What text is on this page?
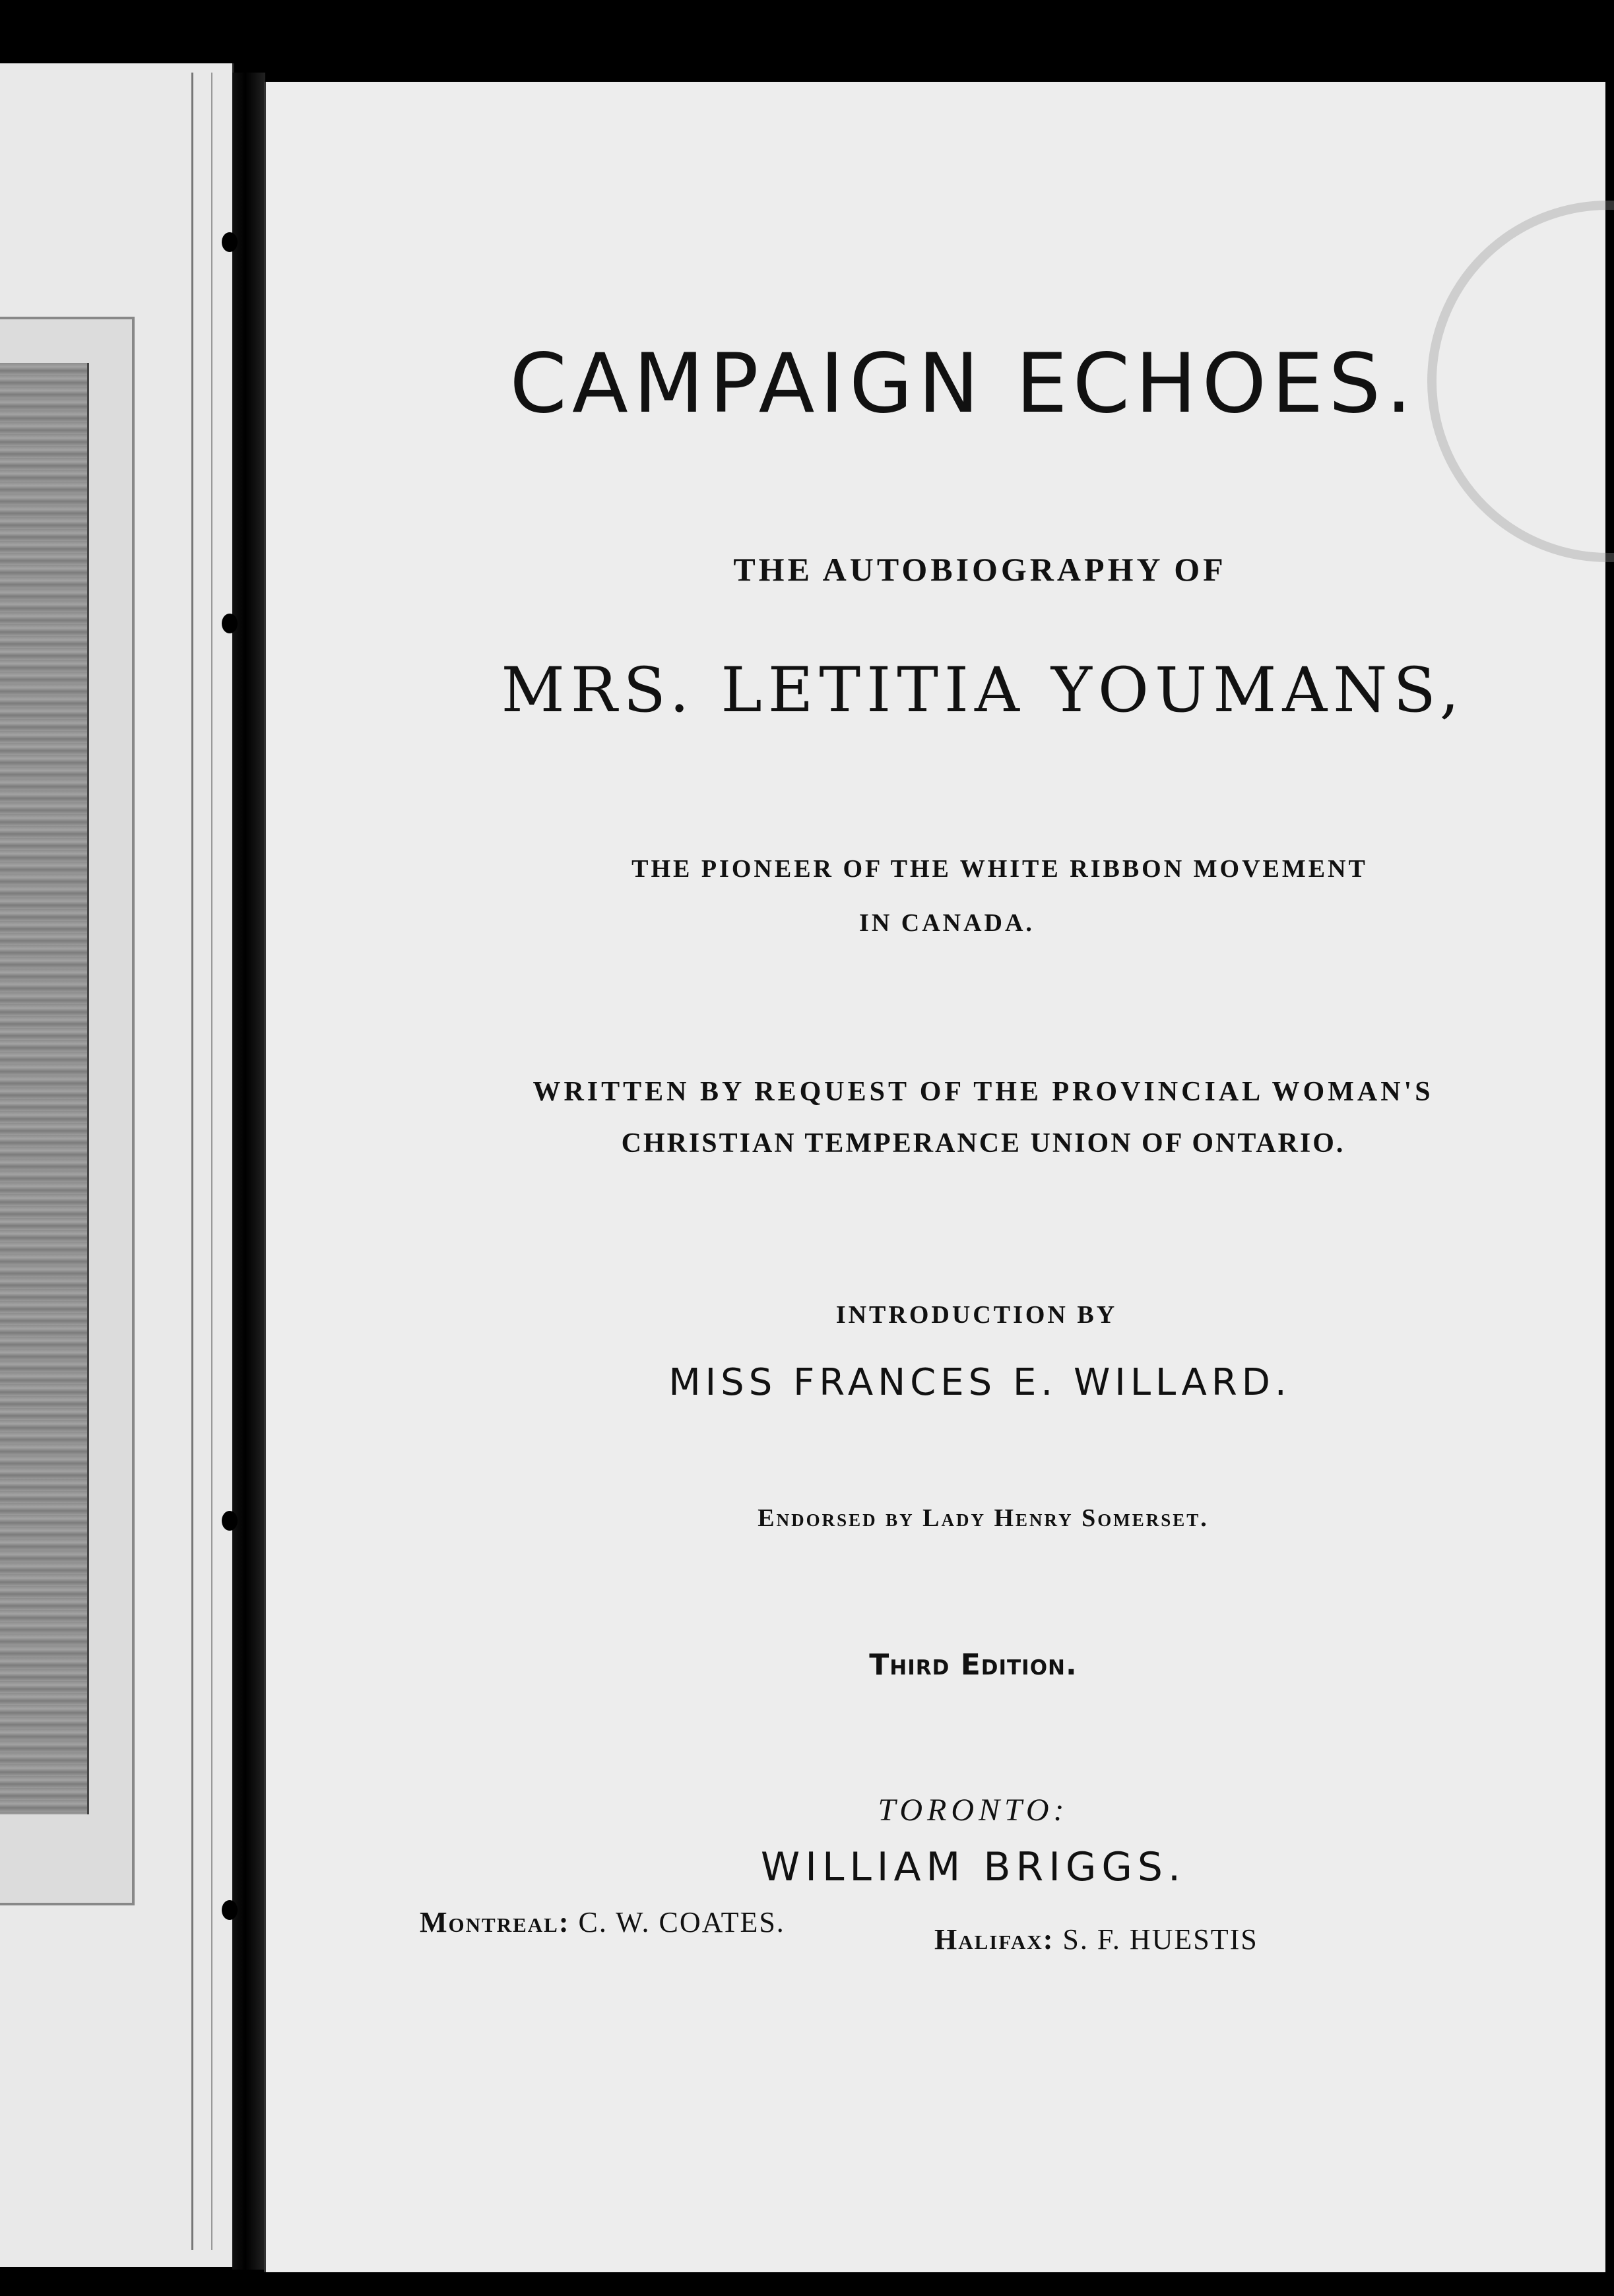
CAMPAIGN ECHOES.

THE AUTOBIOGRAPHY OF

MRS. LETITIA YOUMANS,

THE PIONEER OF THE WHITE RIBBON MOVEMENT

IN CANADA.

WRITTEN BY REQUEST OF THE PROVINCIAL WOMAN'S

CHRISTIAN TEMPERANCE UNION OF ONTARIO.

INTRODUCTION BY

MISS FRANCES E. WILLARD.

Endorsed by Lady Henry Somerset.

Third Edition.

TORONTO:

WILLIAM BRIGGS.

Montreal: C. W. COATES.

Halifax: S. F. HUESTIS
